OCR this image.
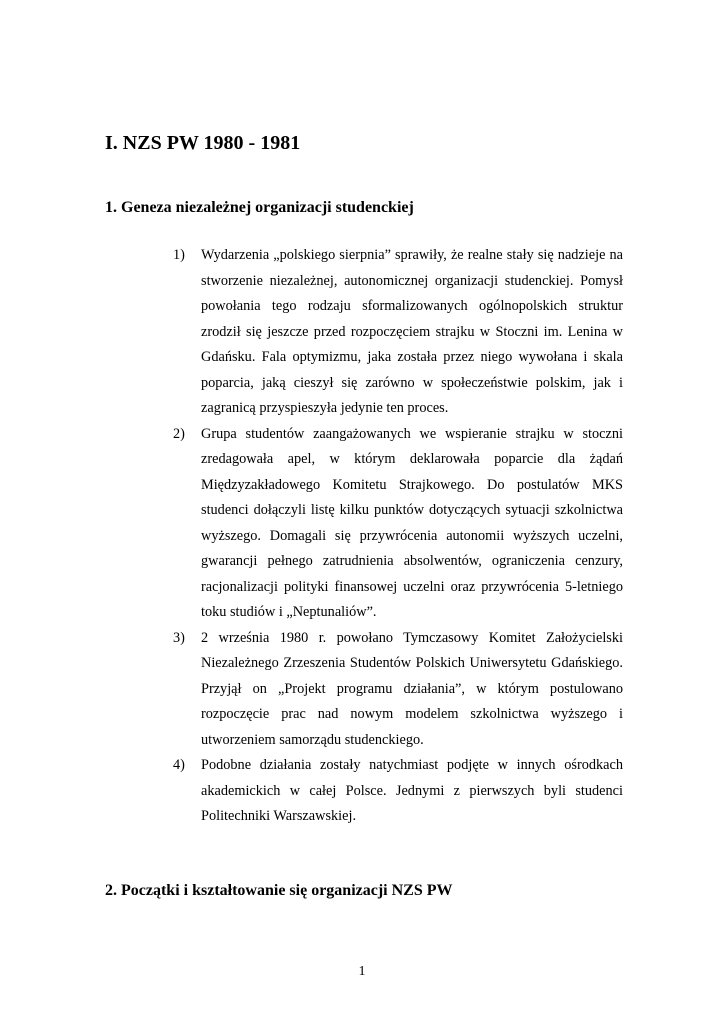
I. NZS PW 1980 - 1981
1. Geneza niezależnej organizacji studenckiej
1) Wydarzenia „polskiego sierpnia” sprawiły, że realne stały się nadzieje na stworzenie niezależnej, autonomicznej organizacji studenckiej. Pomysł powołania tego rodzaju sformalizowanych ogólnopolskich struktur zrodził się jeszcze przed rozpoczęciem strajku w Stoczni im. Lenina w Gdańsku. Fala optymizmu, jaka została przez niego wywołana i skala poparcia, jaką cieszył się zarówno w społeczeństwie polskim, jak i zagranicą przyspieszyła jedynie ten proces.
2) Grupa studentów zaangażowanych we wspieranie strajku w stoczni zredagowała apel, w którym deklarowała poparcie dla żądań Międzyzakładowego Komitetu Strajkowego. Do postulatów MKS studenci dołączyli listę kilku punktów dotyczących sytuacji szkolnictwa wyższego. Domagali się przywrócenia autonomii wyższych uczelni, gwarancji pełnego zatrudnienia absolwentów, ograniczenia cenzury, racjonalizacji polityki finansowej uczelni oraz przywrócenia 5-letniego toku studiów i „Neptunaliów”.
3) 2 września 1980 r. powołano Tymczasowy Komitet Założycielski Niezależnego Zrzeszenia Studentów Polskich Uniwersytetu Gdańskiego. Przyjął on „Projekt programu działania”, w którym postulowano rozpoczęcie prac nad nowym modelem szkolnictwa wyższego i utworzeniem samorządu studenckiego.
4) Podobne działania zostały natychmiast podjęte w innych ośrodkach akademickich w całej Polsce. Jednymi z pierwszych byli studenci Politechniki Warszawskiej.
2. Początki i kształtowanie się organizacji NZS PW
1
